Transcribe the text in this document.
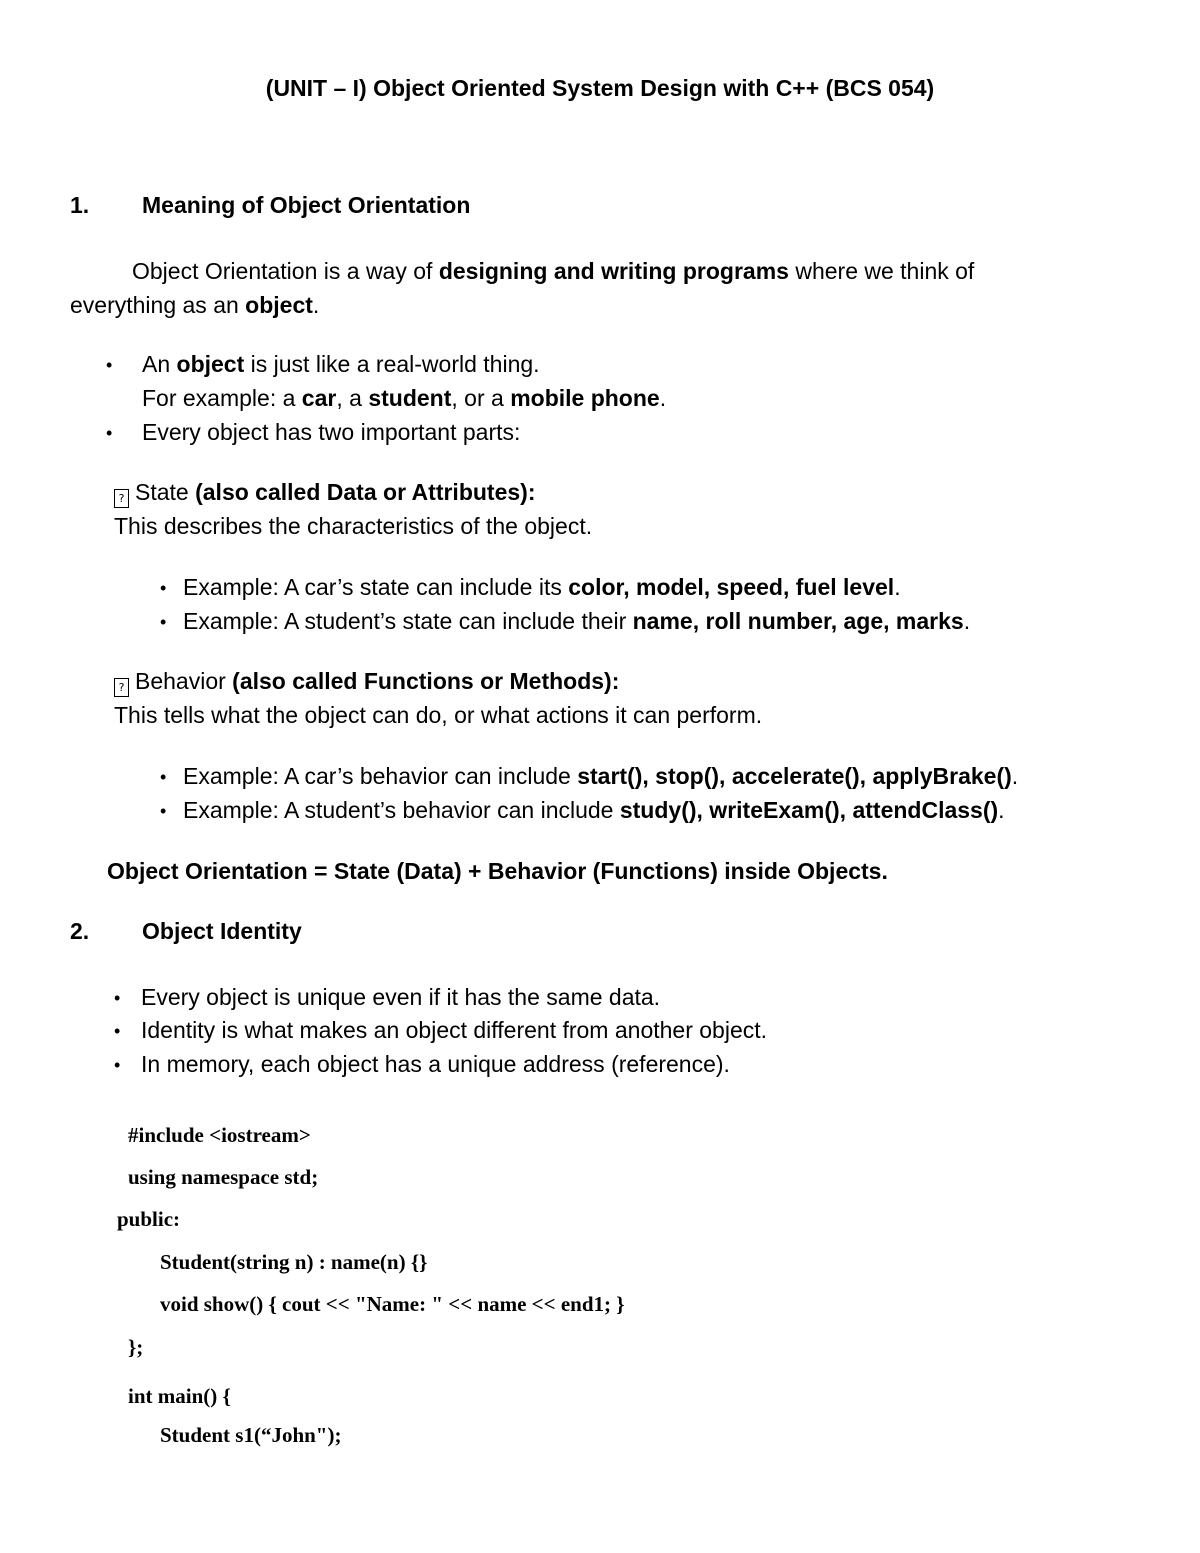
(UNIT – I) Object Oriented System Design with C++ (BCS 054)
1. Meaning of Object Orientation
Object Orientation is a way of designing and writing programs where we think of
everything as an object.
• An object is just like a real-world thing.
For example: a car, a student, or a mobile phone.
• Every object has two important parts:
? State (also called Data or Attributes):
This describes the characteristics of the object.
• Example: A car’s state can include its color, model, speed, fuel level.
• Example: A student’s state can include their name, roll number, age, marks.
? Behavior (also called Functions or Methods):
This tells what the object can do, or what actions it can perform.
• Example: A car’s behavior can include start(), stop(), accelerate(), applyBrake().
• Example: A student’s behavior can include study(), writeExam(), attendClass().
Object Orientation = State (Data) + Behavior (Functions) inside Objects.
2. Object Identity
• Every object is unique even if it has the same data.
• Identity is what makes an object different from another object.
• In memory, each object has a unique address (reference).
#include <iostream>
using namespace std;
public:
Student(string n) : name(n) {}
void show() { cout << "Name: " << name << end1; }
};
int main() {
Student s1(“John");
